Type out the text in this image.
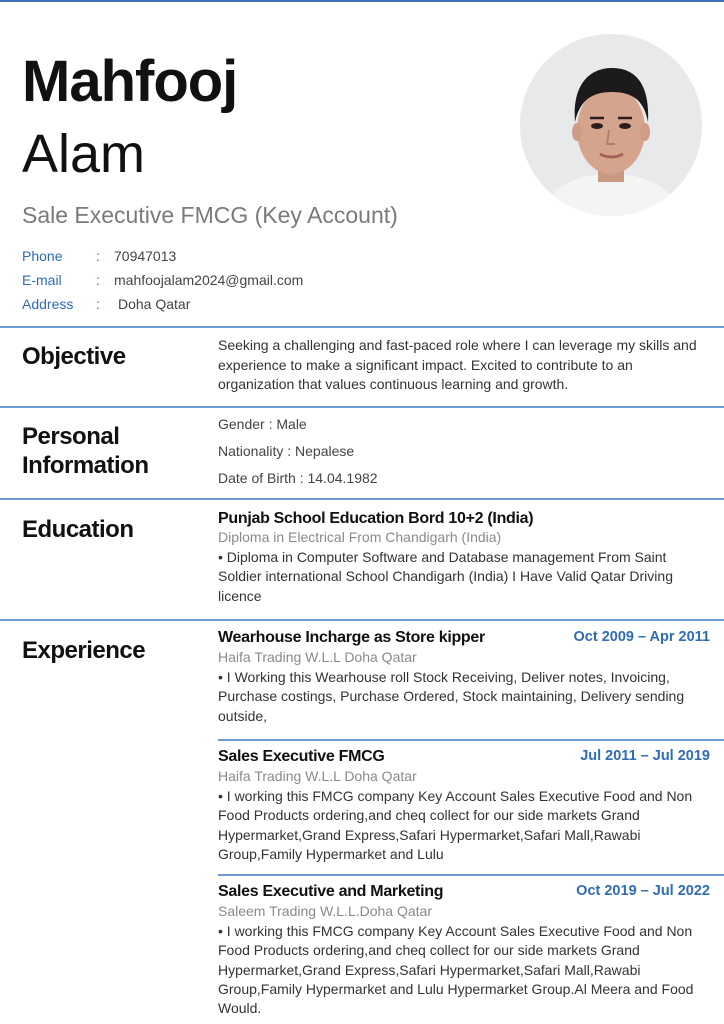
Mahfooj
Alam
Sale Executive FMCG (Key Account)
Phone : 70947013
E-mail : mahfoojalam2024@gmail.com
Address : Doha Qatar
Objective	Seeking a challenging and fast-paced role where I can leverage my skills and experience to make a significant impact. Excited to contribute to an organization that values continuous learning and growth.
Personal
Information
Gender : Male
Nationality : Nepalese
Date of Birth : 14.04.1982
Education	Punjab School Education Bord 10+2 (India)
Diploma in Electrical From Chandigarh (India)
• Diploma in Computer Software and Database management From Saint Soldier international School Chandigarh (India) I Have Valid Qatar Driving licence
Experience	Wearhouse Incharge as Store kipper	Oct 2009 – Apr 2011
Haifa Trading W.L.L Doha Qatar
• I Working this Wearhouse roll Stock Receiving, Deliver notes, Invoicing, Purchase costings, Purchase Ordered, Stock maintaining, Delivery sending outside,
Sales Executive FMCG	Jul 2011 – Jul 2019
Haifa Trading W.L.L Doha Qatar
• I working this FMCG company Key Account Sales Executive Food and Non Food Products ordering,and cheq collect for our side markets Grand Hypermarket,Grand Express,Safari Hypermarket,Safari Mall,Rawabi Group,Family Hypermarket and Lulu
Sales Executive and Marketing	Oct 2019 – Jul 2022
Saleem Trading W.L.L.Doha Qatar
• I working this FMCG company Key Account Sales Executive Food and Non Food Products ordering,and cheq collect for our side markets Grand Hypermarket,Grand Express,Safari Hypermarket,Safari Mall,Rawabi Group,Family Hypermarket and Lulu Hypermarket Group.Al Meera and Food Would.
